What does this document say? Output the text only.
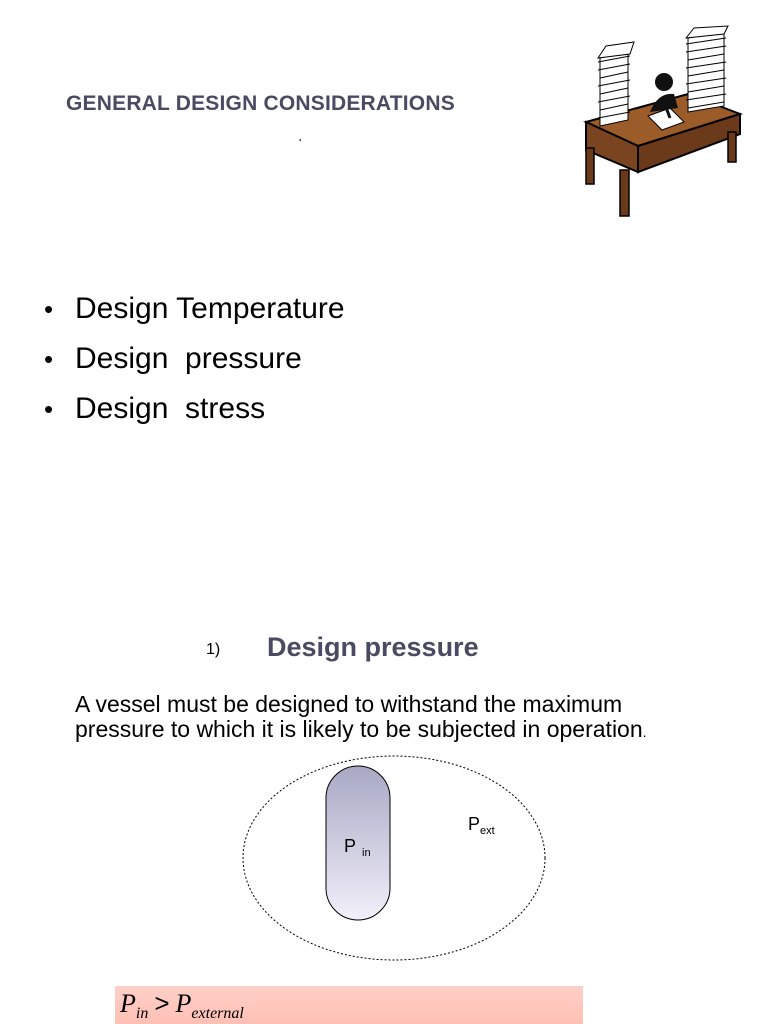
GENERAL DESIGN CONSIDERATIONS
.
• Design Temperature
• Design  pressure
• Design  stress
1) Design pressure
A vessel must be designed to withstand the maximum
pressure to which it is likely to be subjected in operation.
P $_{in}$
$P_{ext}$
$P_{in} > P_{external}$
